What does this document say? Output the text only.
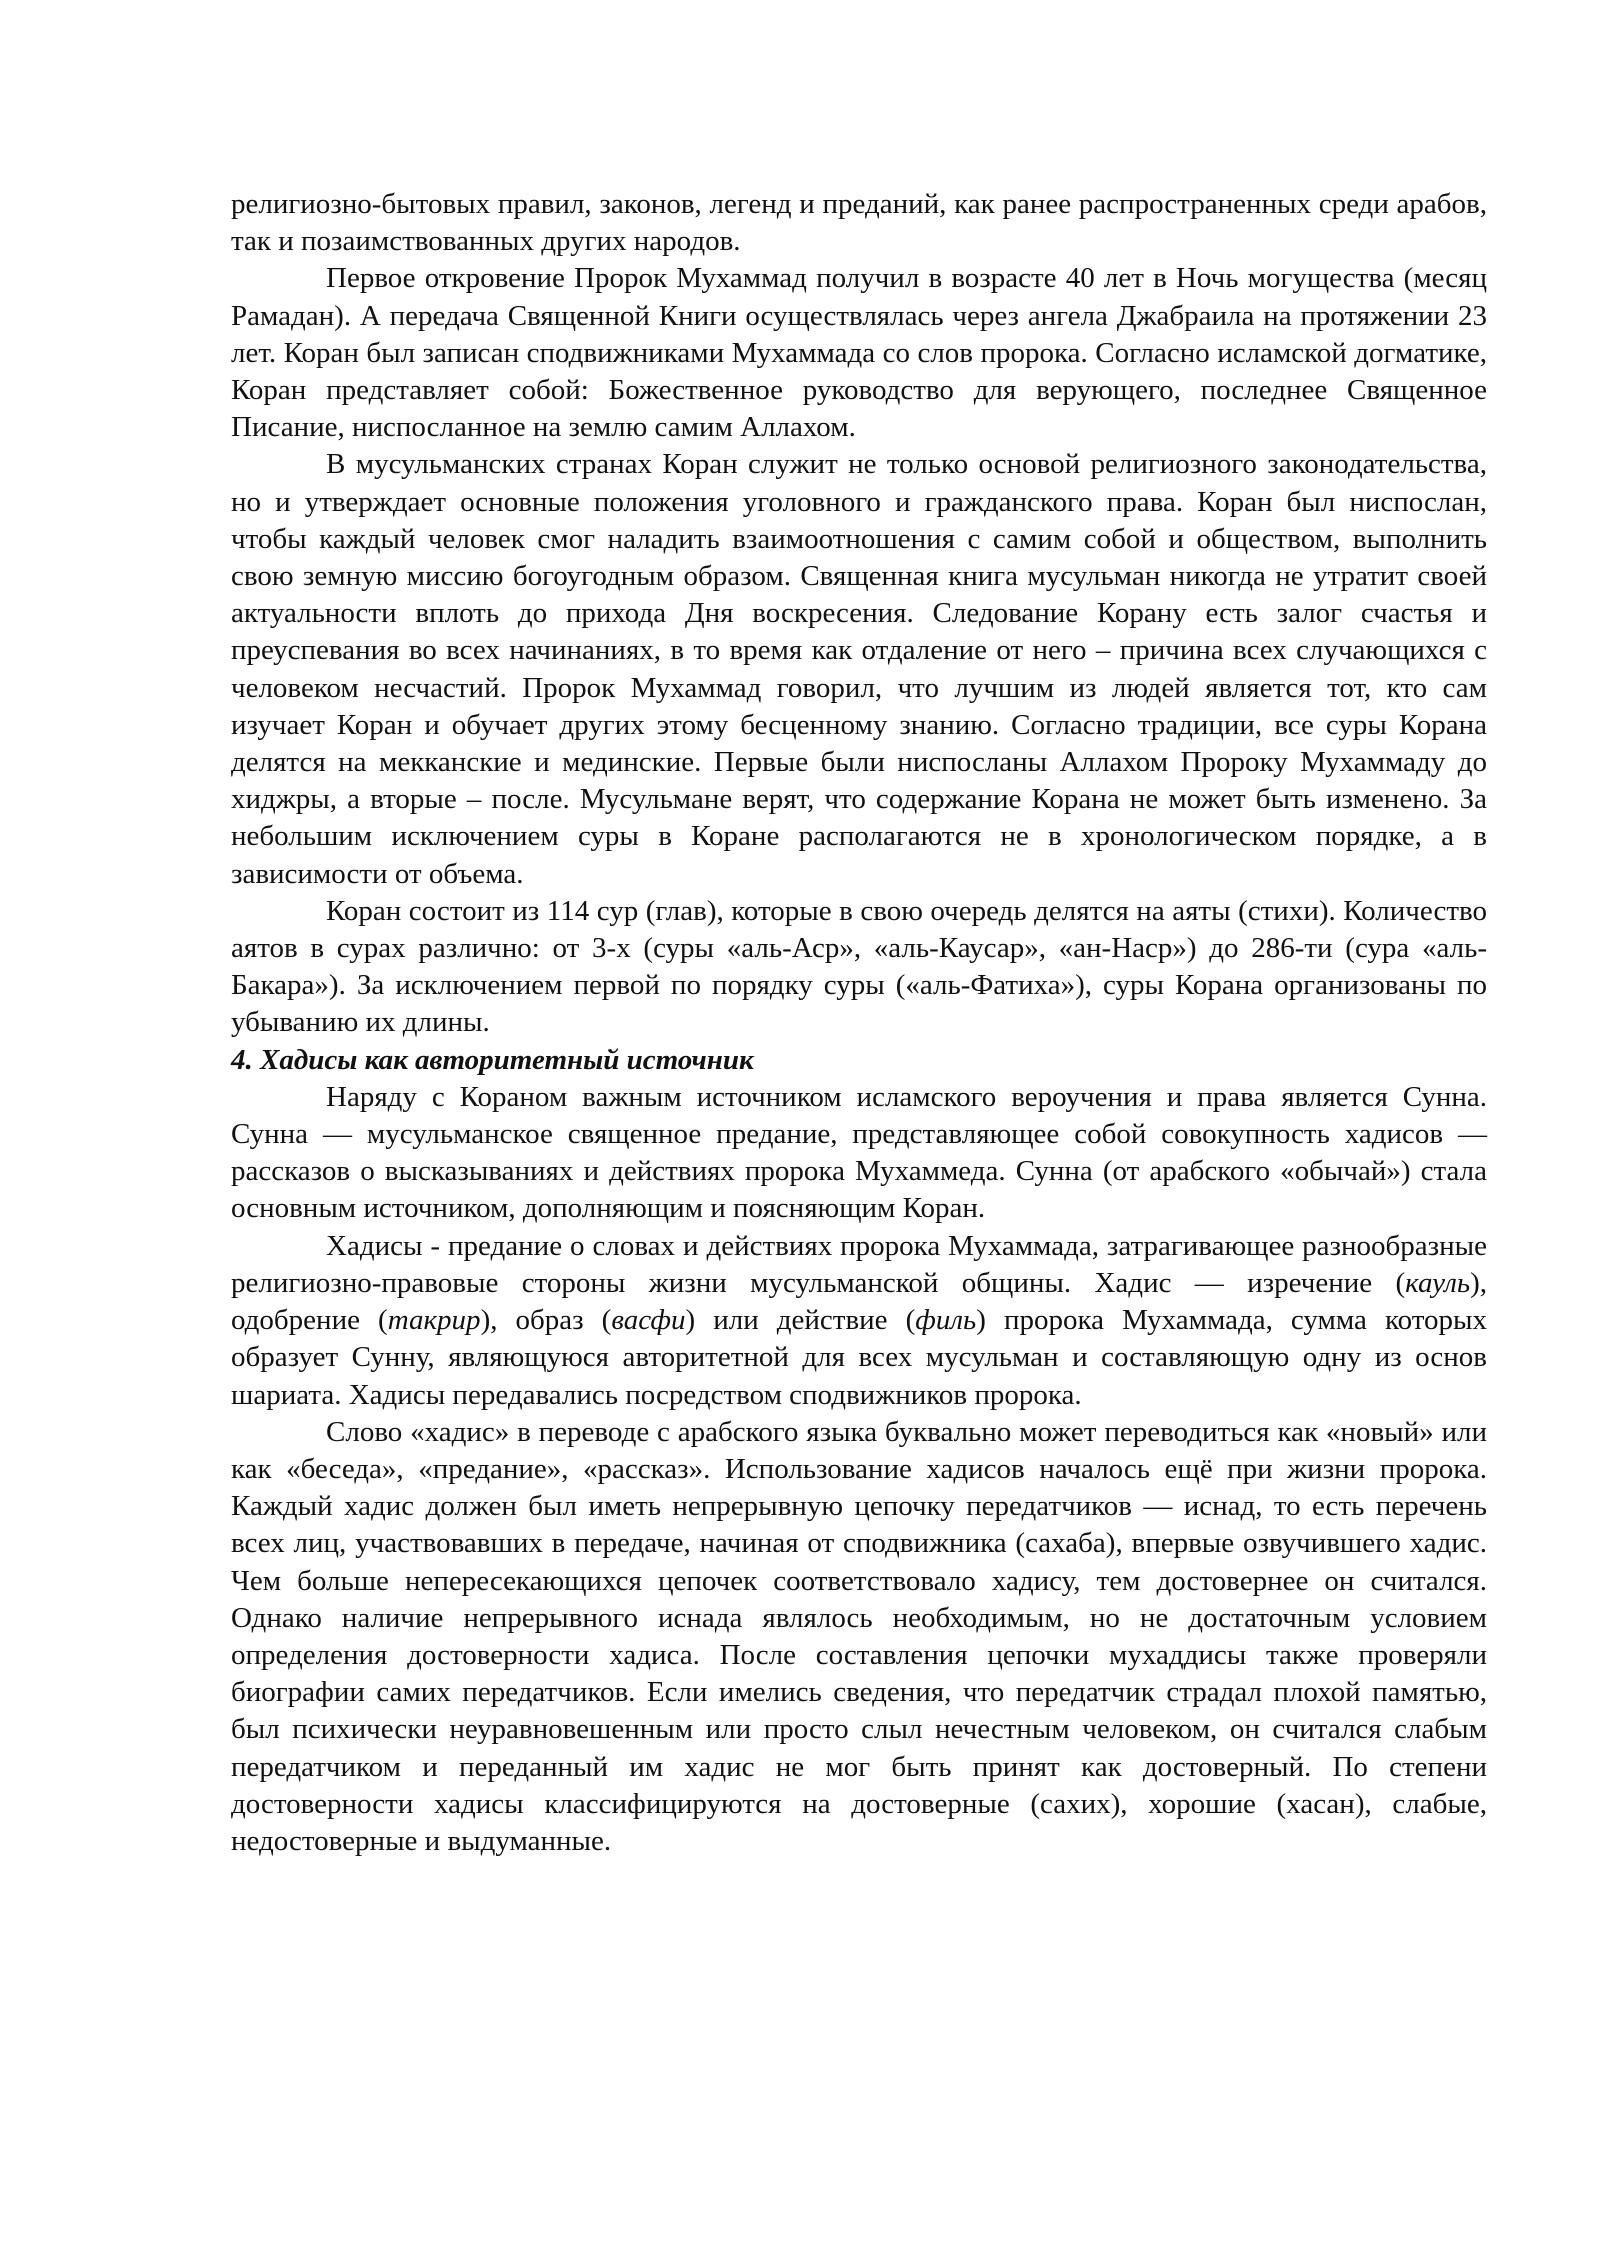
религиозно-бытовых правил, законов, легенд и преданий, как ранее распространенных среди арабов, так и позаимствованных других народов.

Первое откровение Пророк Мухаммад получил в возрасте 40 лет в Ночь могущества (месяц Рамадан). А передача Священной Книги осуществлялась через ангела Джабраила на протяжении 23 лет. Коран был записан сподвижниками Мухаммада со слов пророка. Согласно исламской догматике, Коран представляет собой: Божественное руководство для верующего, последнее Священное Писание, ниспосланное на землю самим Аллахом.

В мусульманских странах Коран служит не только основой религиозного законодательства, но и утверждает основные положения уголовного и гражданского права. Коран был ниспослан, чтобы каждый человек смог наладить взаимоотношения с самим собой и обществом, выполнить свою земную миссию богоугодным образом. Священная книга мусульман никогда не утратит своей актуальности вплоть до прихода Дня воскресения. Следование Корану есть залог счастья и преуспевания во всех начинаниях, в то время как отдаление от него – причина всех случающихся с человеком несчастий. Пророк Мухаммад говорил, что лучшим из людей является тот, кто сам изучает Коран и обучает других этому бесценному знанию. Согласно традиции, все суры Корана делятся на мекканские и мединские. Первые были ниспосланы Аллахом Пророку Мухаммаду до хиджры, а вторые – после. Мусульмане верят, что содержание Корана не может быть изменено. За небольшим исключением суры в Коране располагаются не в хронологическом порядке, а в зависимости от объема.

Коран состоит из 114 сур (глав), которые в свою очередь делятся на аяты (стихи). Количество аятов в сурах различно: от 3-х (суры «аль-Аср», «аль-Каусар», «ан-Наср») до 286-ти (сура «аль-Бакара»). За исключением первой по порядку суры («аль-Фатиха»), суры Корана организованы по убыванию их длины.

4. Хадисы как авторитетный источник

Наряду с Кораном важным источником исламского вероучения и права является Сунна. Сунна — мусульманское священное предание, представляющее собой совокупность хадисов — рассказов о высказываниях и действиях пророка Мухаммеда. Сунна (от арабского «обычай») стала основным источником, дополняющим и поясняющим Коран.

Хадисы - предание о словах и действиях пророка Мухаммада, затрагивающее разнообразные религиозно-правовые стороны жизни мусульманской общины. Хадис — изречение (кауль), одобрение (такрир), образ (васфи) или действие (филь) пророка Мухаммада, сумма которых образует Сунну, являющуюся авторитетной для всех мусульман и составляющую одну из основ шариата. Хадисы передавались посредством сподвижников пророка.

Слово «хадис» в переводе с арабского языка буквально может переводиться как «новый» или как «беседа», «предание», «рассказ». Использование хадисов началось ещё при жизни пророка. Каждый хадис должен был иметь непрерывную цепочку передатчиков — иснад, то есть перечень всех лиц, участвовавших в передаче, начиная от сподвижника (сахаба), впервые озвучившего хадис. Чем больше непересекающихся цепочек соответствовало хадису, тем достовернее он считался. Однако наличие непрерывного иснада являлось необходимым, но не достаточным условием определения достоверности хадиса. После составления цепочки мухаддисы также проверяли биографии самих передатчиков. Если имелись сведения, что передатчик страдал плохой памятью, был психически неуравновешенным или просто слыл нечестным человеком, он считался слабым передатчиком и переданный им хадис не мог быть принят как достоверный. По степени достоверности хадисы классифицируются на достоверные (сахих), хорошие (хасан), слабые, недостоверные и выдуманные.
